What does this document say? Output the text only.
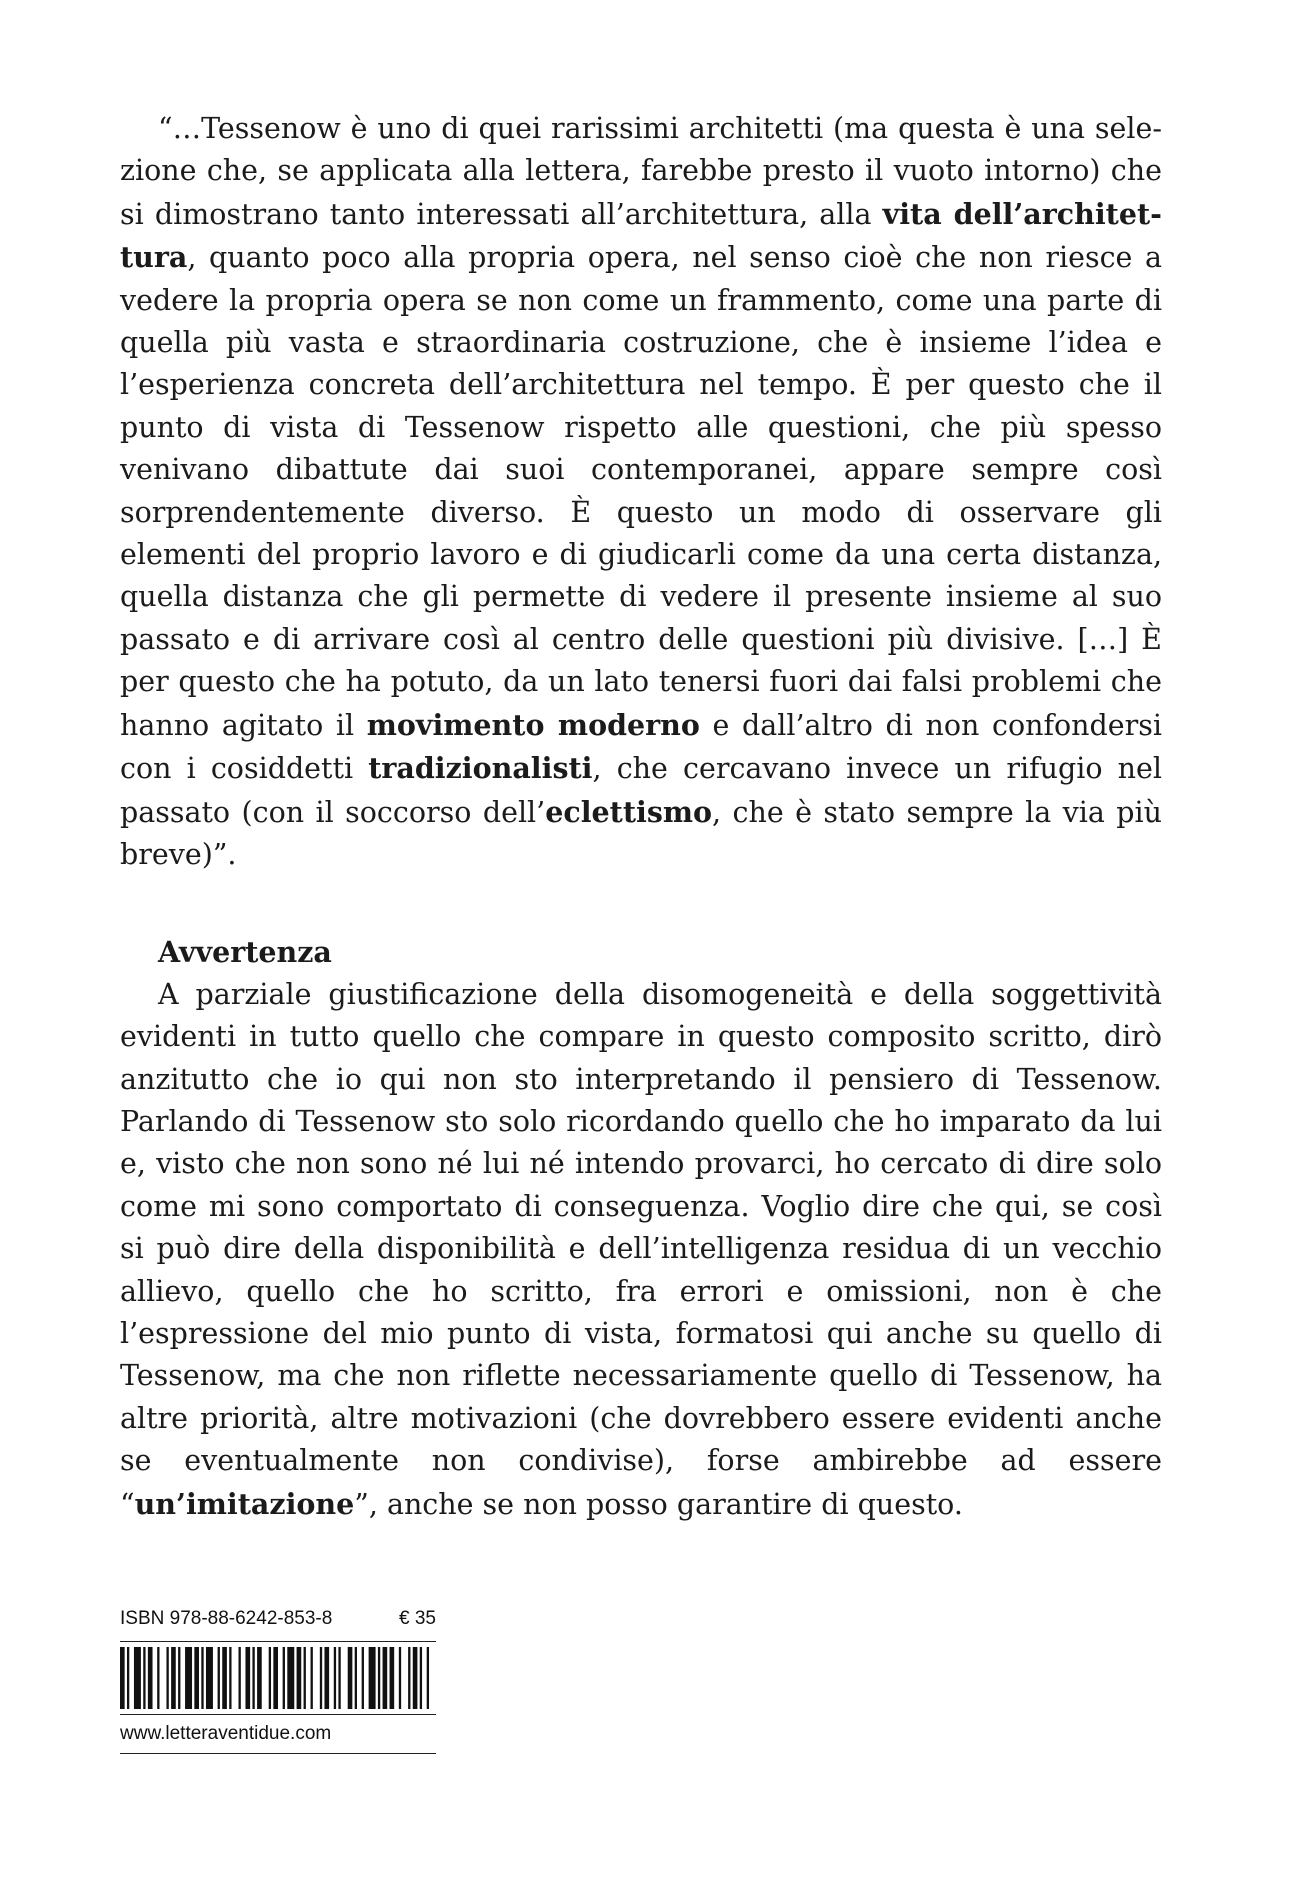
“…Tessenow è uno di quei rarissimi architetti (ma questa è una selezione che, se applicata alla lettera, farebbe presto il vuoto intorno) che si dimostrano tanto interessati all’architettura, alla vita dell’architettura, quanto poco alla propria opera, nel senso cioè che non riesce a vedere la propria opera se non come un frammento, come una parte di quella più vasta e straordinaria costruzione, che è insieme l’idea e l’esperienza concreta dell’architettura nel tempo. È per questo che il punto di vista di Tessenow rispetto alle questioni, che più spesso venivano dibattute dai suoi contemporanei, appare sempre così sorprendentemente diverso. È questo un modo di osservare gli elementi del proprio lavoro e di giudicarli come da una certa distanza, quella distanza che gli permette di vedere il presente insieme al suo passato e di arrivare così al centro delle questioni più divisive. […] È per questo che ha potuto, da un lato tenersi fuori dai falsi problemi che hanno agitato il movimento moderno e dall’altro di non confondersi con i cosiddetti tradizionalisti, che cercavano invece un rifugio nel passato (con il soccorso dell’eclettismo, che è stato sempre la via più breve)”.

Avvertenza

A parziale giustificazione della disomogeneità e della soggettività evidenti in tutto quello che compare in questo composito scritto, dirò anzitutto che io qui non sto interpretando il pensiero di Tessenow. Parlando di Tessenow sto solo ricordando quello che ho imparato da lui e, visto che non sono né lui né intendo provarci, ho cercato di dire solo come mi sono comportato di conseguenza. Voglio dire che qui, se così si può dire della disponibilità e dell’intelligenza residua di un vecchio allievo, quello che ho scritto, fra errori e omissioni, non è che l’espressione del mio punto di vista, formatosi qui anche su quello di Tessenow, ma che non riflette necessariamente quello di Tessenow, ha altre priorità, altre motivazioni (che dovrebbero essere evidenti anche se eventualmente non condivise), forse ambirebbe ad essere “un’imitazione”, anche se non posso garantire di questo.

ISBN 978-88-6242-853-8	€ 35
www.letteraventidue.com
